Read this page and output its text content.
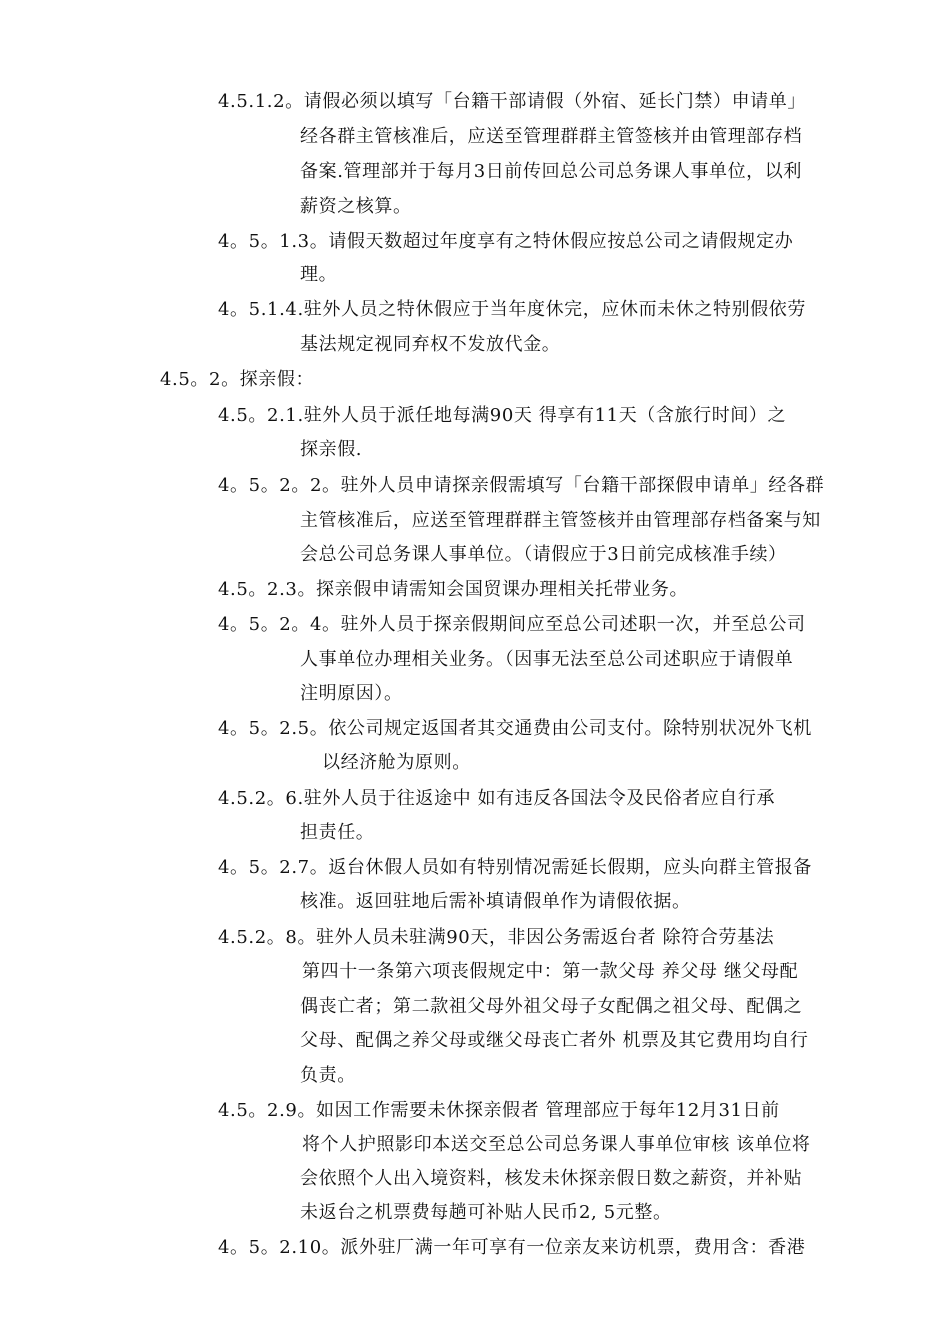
4.5.1.2。请假必须以填写「台籍干部请假（外宿、延长门禁）申请单」
经各群主管核准后，应送至管理群群主管签核并由管理部存档
备案.管理部并于每月3日前传回总公司总务课人事单位，以利
薪资之核算。
4。5。1.3。请假天数超过年度享有之特休假应按总公司之请假规定办
理。
4。5.1.4.驻外人员之特休假应于当年度休完，应休而未休之特别假依劳
基法规定视同弃权不发放代金。
4.5。2。探亲假：
4.5。2.1.驻外人员于派任地每满90天 得享有11天（含旅行时间）之
探亲假.
4。5。2。2。驻外人员申请探亲假需填写「台籍干部探假申请单」经各群
主管核准后，应送至管理群群主管签核并由管理部存档备案与知
会总公司总务课人事单位。（请假应于3日前完成核准手续）
4.5。2.3。探亲假申请需知会国贸课办理相关托带业务。
4。5。2。4。驻外人员于探亲假期间应至总公司述职一次，并至总公司
人事单位办理相关业务。（因事无法至总公司述职应于请假单
注明原因）。
4。5。2.5。依公司规定返国者其交通费由公司支付。除特别状况外飞机
以经济舱为原则。
4.5.2。6.驻外人员于往返途中 如有违反各国法令及民俗者应自行承
担责任。
4。5。2.7。返台休假人员如有特别情况需延长假期，应头向群主管报备
核准。返回驻地后需补填请假单作为请假依据。
4.5.2。8。驻外人员未驻满90天，非因公务需返台者 除符合劳基法
第四十一条第六项丧假规定中：第一款父母 养父母 继父母配
偶丧亡者；第二款祖父母外祖父母子女配偶之祖父母、配偶之
父母、配偶之养父母或继父母丧亡者外 机票及其它费用均自行
负责。
4.5。2.9。如因工作需要未休探亲假者 管理部应于每年12月31日前
将个人护照影印本送交至总公司总务课人事单位审核 该单位将
会依照个人出入境资料，核发未休探亲假日数之薪资，并补贴
未返台之机票费每趟可补贴人民币2, 5元整。
4。5。2.10。派外驻厂满一年可享有一位亲友来访机票，费用含：香港
